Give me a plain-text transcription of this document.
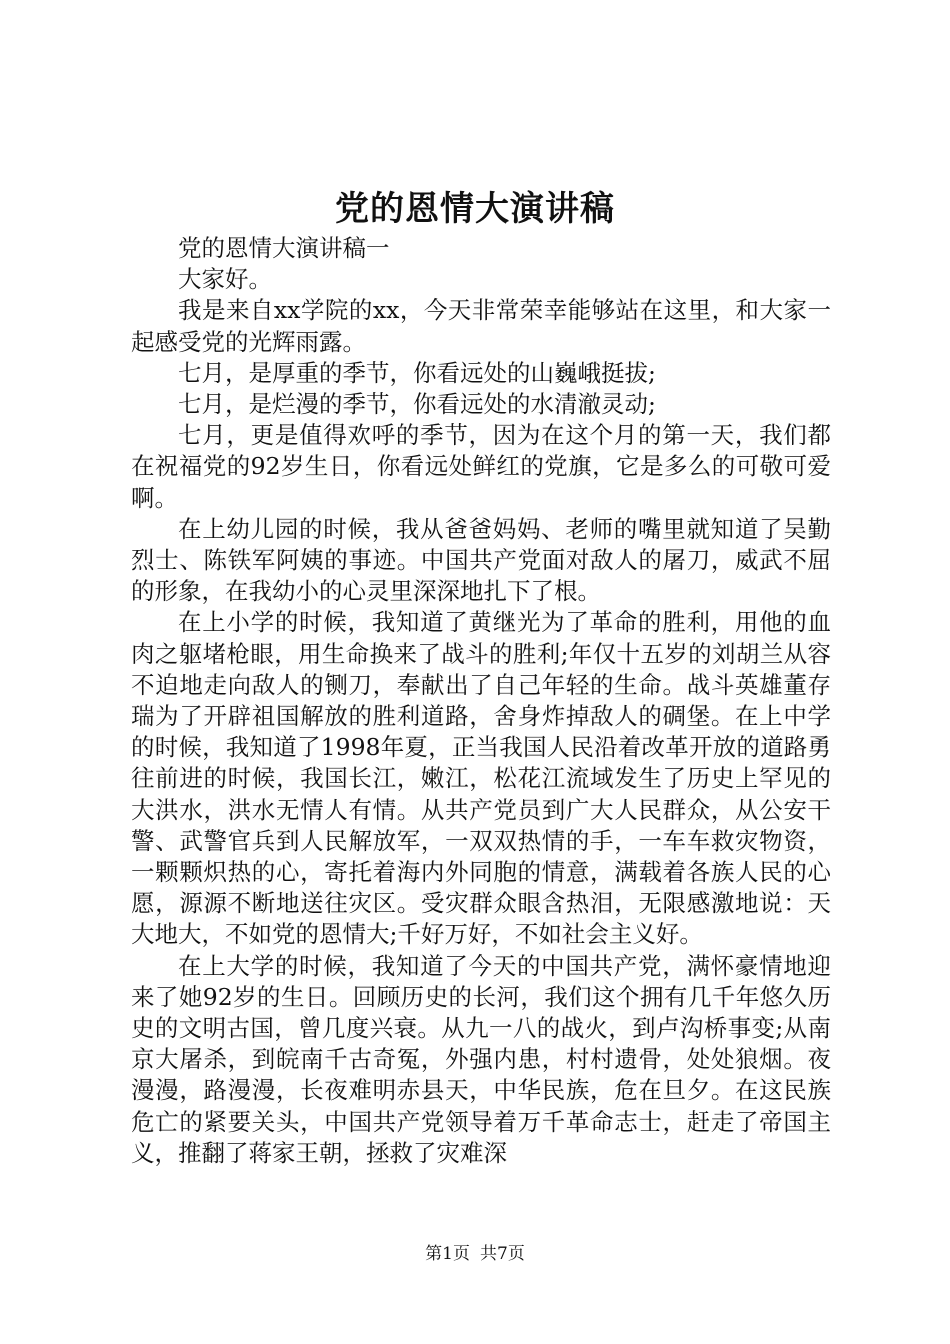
党的恩情大演讲稿

党的恩情大演讲稿一

大家好。

我是来自xx学院的xx，今天非常荣幸能够站在这里，和大家一起感受党的光辉雨露。

七月，是厚重的季节，你看远处的山巍峨挺拔;

七月，是烂漫的季节，你看远处的水清澈灵动;

七月，更是值得欢呼的季节，因为在这个月的第一天，我们都在祝福党的92岁生日，你看远处鲜红的党旗，它是多么的可敬可爱啊。

在上幼儿园的时候，我从爸爸妈妈、老师的嘴里就知道了吴勤烈士、陈铁军阿姨的事迹。中国共产党面对敌人的屠刀，威武不屈的形象，在我幼小的心灵里深深地扎下了根。

在上小学的时候，我知道了黄继光为了革命的胜利，用他的血肉之躯堵枪眼，用生命换来了战斗的胜利;年仅十五岁的刘胡兰从容不迫地走向敌人的铡刀，奉献出了自己年轻的生命。战斗英雄董存瑞为了开辟祖国解放的胜利道路，舍身炸掉敌人的碉堡。在上中学的时候，我知道了1998年夏，正当我国人民沿着改革开放的道路勇往前进的时候，我国长江，嫩江，松花江流域发生了历史上罕见的大洪水，洪水无情人有情。从共产党员到广大人民群众，从公安干警、武警官兵到人民解放军，一双双热情的手，一车车救灾物资，一颗颗炽热的心，寄托着海内外同胞的情意，满载着各族人民的心愿，源源不断地送往灾区。受灾群众眼含热泪，无限感激地说：天大地大，不如党的恩情大;千好万好，不如社会主义好。

在上大学的时候，我知道了今天的中国共产党，满怀豪情地迎来了她92岁的生日。回顾历史的长河，我们这个拥有几千年悠久历史的文明古国，曾几度兴衰。从九一八的战火，到卢沟桥事变;从南京大屠杀，到皖南千古奇冤，外强内患，村村遗骨，处处狼烟。夜漫漫，路漫漫，长夜难明赤县天，中华民族，危在旦夕。在这民族危亡的紧要关头，中国共产党领导着万千革命志士，赶走了帝国主义，推翻了蒋家王朝，拯救了灾难深

第1页 共7页
